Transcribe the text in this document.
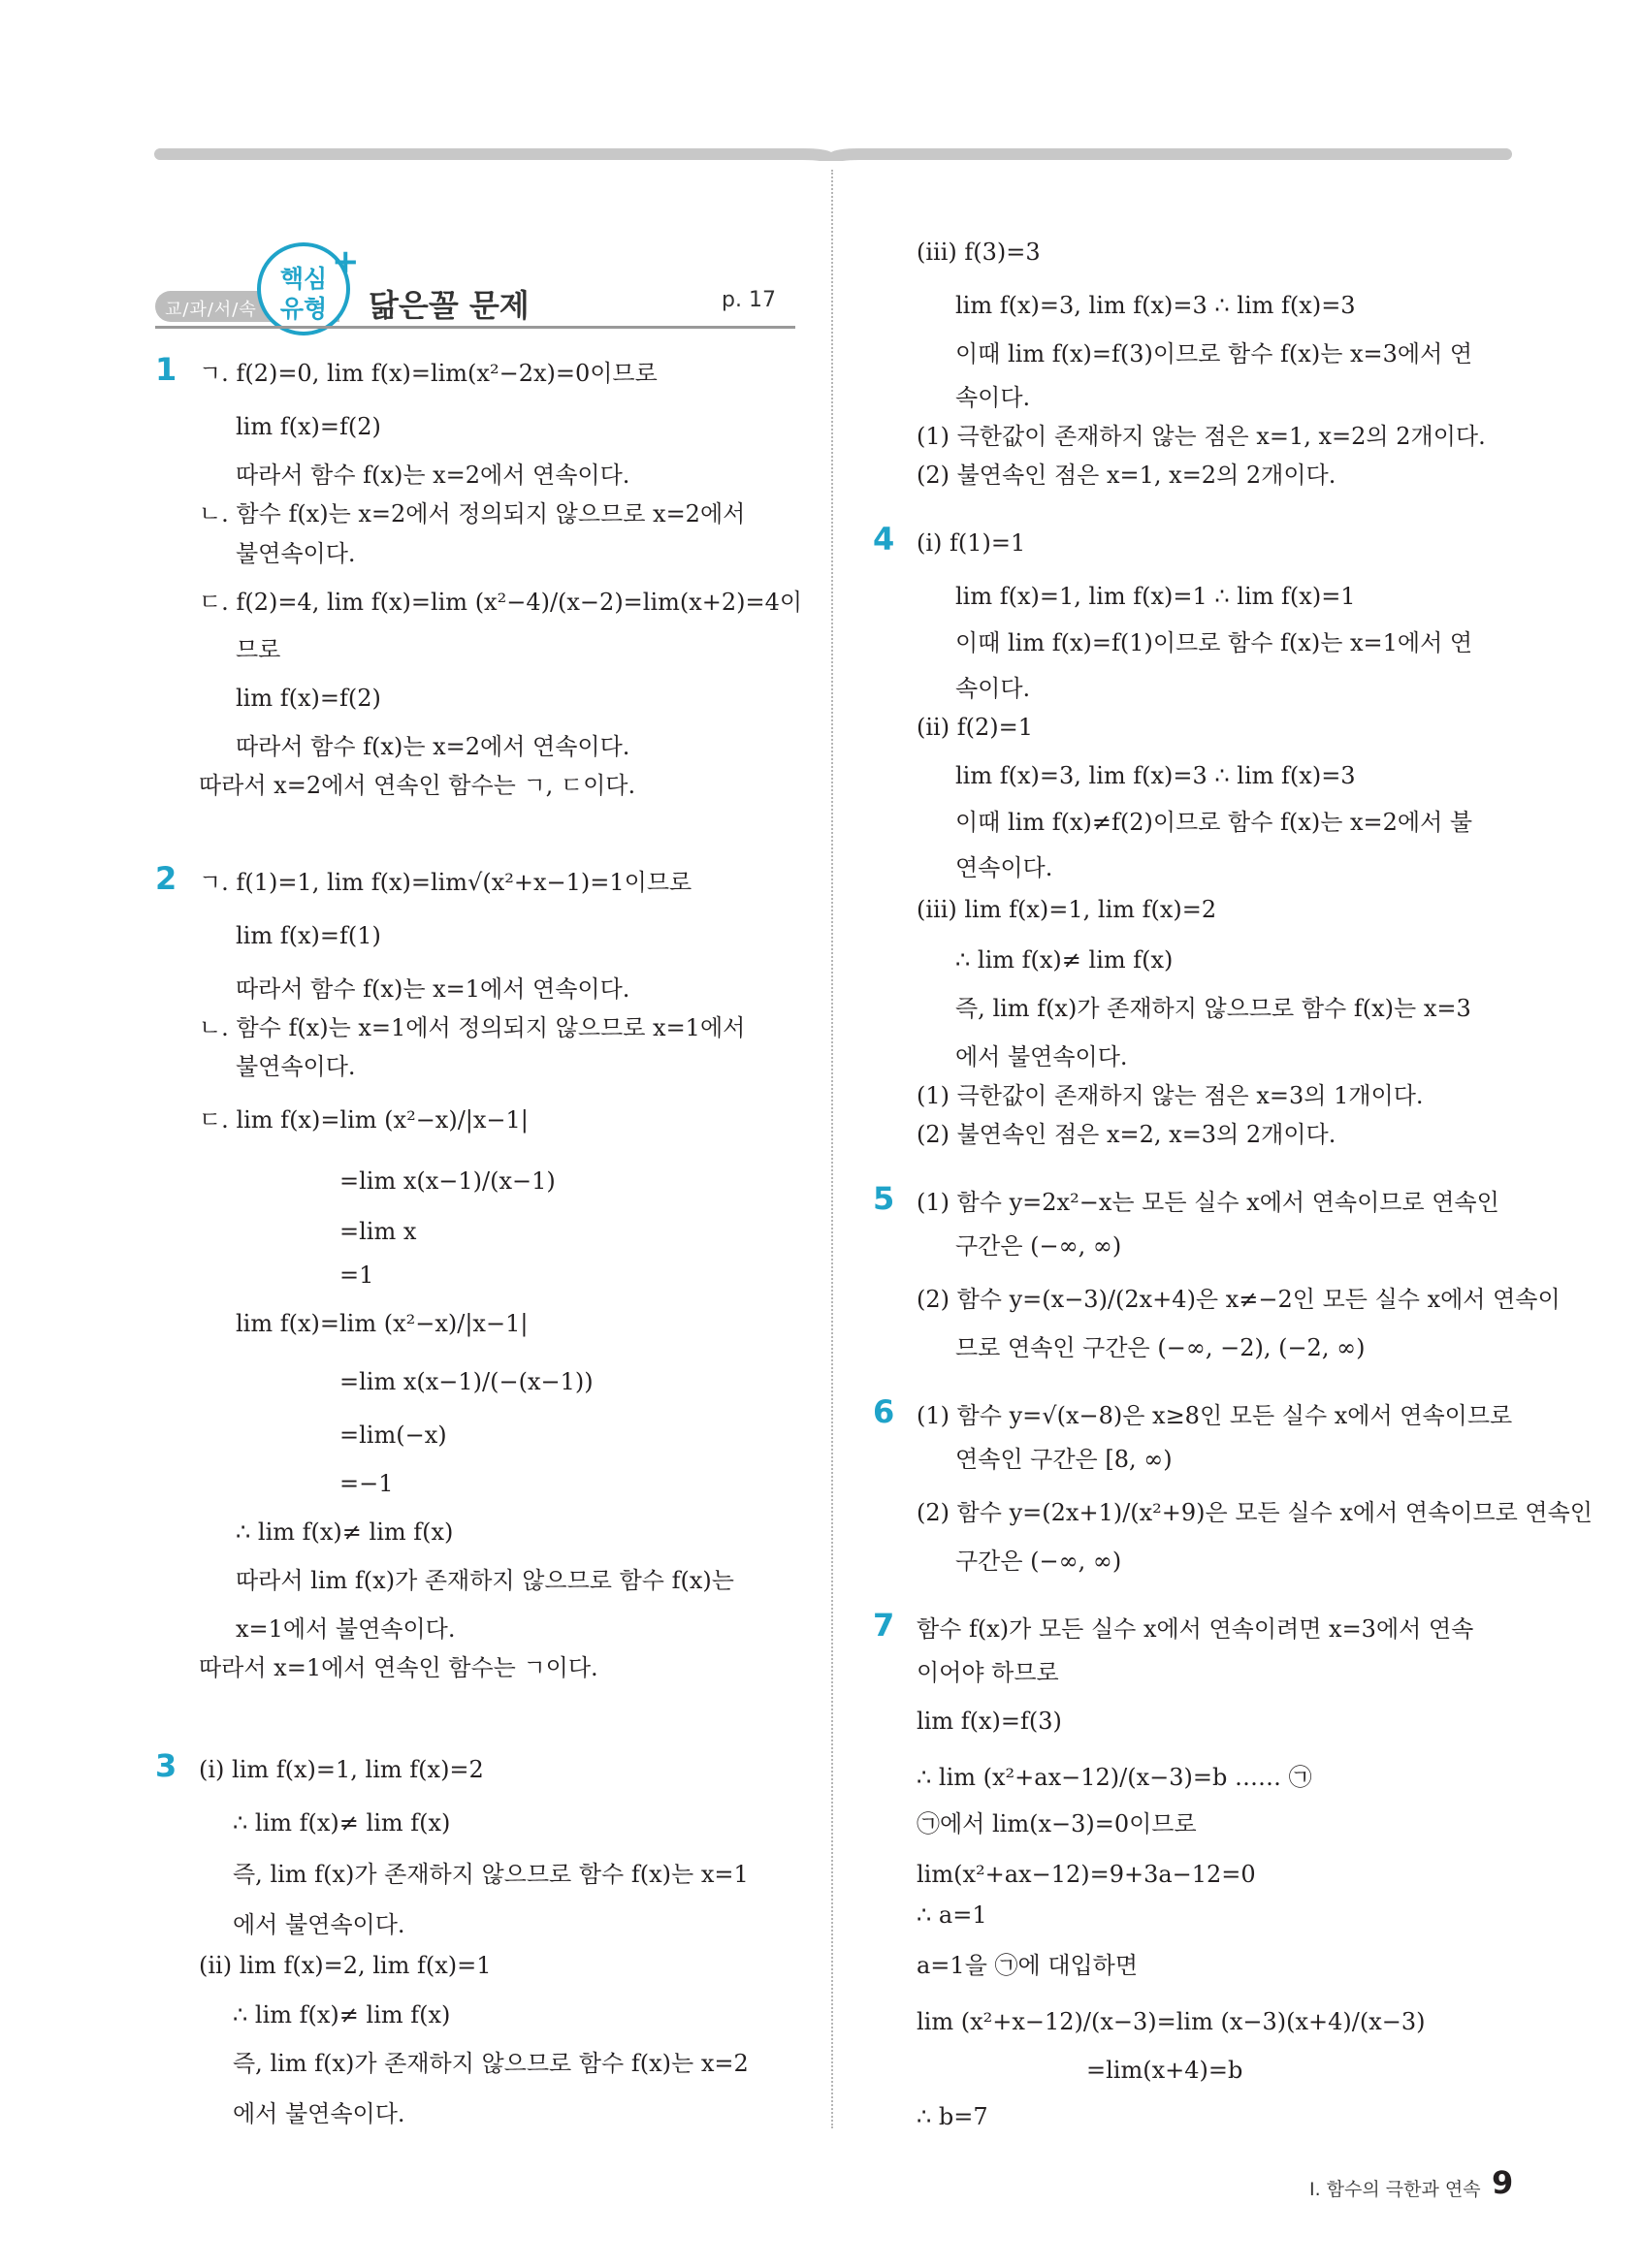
교/과/서/속
핵심
유형
+
닮은꼴 문제	p. 17
1 ㄱ. f(2)=0, lim f(x)=lim(x²−2x)=0이므로
lim f(x)=f(2)
따라서 함수 f(x)는 x=2에서 연속이다.
ㄴ. 함수 f(x)는 x=2에서 정의되지 않으므로 x=2에서
불연속이다.
ㄷ. f(2)=4, lim f(x)=lim (x²−4)/(x−2)=lim(x+2)=4이
므로
lim f(x)=f(2)
따라서 함수 f(x)는 x=2에서 연속이다.
따라서 x=2에서 연속인 함수는 ㄱ, ㄷ이다.
2 ㄱ. f(1)=1, lim f(x)=lim√(x²+x−1)=1이므로
lim f(x)=f(1)
따라서 함수 f(x)는 x=1에서 연속이다.
ㄴ. 함수 f(x)는 x=1에서 정의되지 않으므로 x=1에서
불연속이다.
ㄷ. lim f(x)=lim (x²−x)/|x−1|
=lim x(x−1)/(x−1)
=lim x
=1
lim f(x)=lim (x²−x)/|x−1|
=lim x(x−1)/(−(x−1))
=lim(−x)
=−1
∴ lim f(x)≠ lim f(x)
따라서 lim f(x)가 존재하지 않으므로 함수 f(x)는
x=1에서 불연속이다.
따라서 x=1에서 연속인 함수는 ㄱ이다.
3 (i) lim f(x)=1, lim f(x)=2
∴ lim f(x)≠ lim f(x)
즉, lim f(x)가 존재하지 않으므로 함수 f(x)는 x=1
에서 불연속이다.
(ii) lim f(x)=2, lim f(x)=1
∴ lim f(x)≠ lim f(x)
즉, lim f(x)가 존재하지 않으므로 함수 f(x)는 x=2
에서 불연속이다.
(iii) f(3)=3
lim f(x)=3, lim f(x)=3 ∴ lim f(x)=3
이때 lim f(x)=f(3)이므로 함수 f(x)는 x=3에서 연
속이다.
(1) 극한값이 존재하지 않는 점은 x=1, x=2의 2개이다.
(2) 불연속인 점은 x=1, x=2의 2개이다.
4 (i) f(1)=1
lim f(x)=1, lim f(x)=1 ∴ lim f(x)=1
이때 lim f(x)=f(1)이므로 함수 f(x)는 x=1에서 연
속이다.
(ii) f(2)=1
lim f(x)=3, lim f(x)=3 ∴ lim f(x)=3
이때 lim f(x)≠f(2)이므로 함수 f(x)는 x=2에서 불
연속이다.
(iii) lim f(x)=1, lim f(x)=2
∴ lim f(x)≠ lim f(x)
즉, lim f(x)가 존재하지 않으므로 함수 f(x)는 x=3
에서 불연속이다.
(1) 극한값이 존재하지 않는 점은 x=3의 1개이다.
(2) 불연속인 점은 x=2, x=3의 2개이다.
5 (1) 함수 y=2x²−x는 모든 실수 x에서 연속이므로 연속인
구간은 (−∞, ∞)
(2) 함수 y=(x−3)/(2x+4)은 x≠−2인 모든 실수 x에서 연속이
므로 연속인 구간은 (−∞, −2), (−2, ∞)
6 (1) 함수 y=√(x−8)은 x≥8인 모든 실수 x에서 연속이므로
연속인 구간은 [8, ∞)
(2) 함수 y=(2x+1)/(x²+9)은 모든 실수 x에서 연속이므로 연속인
구간은 (−∞, ∞)
7 함수 f(x)가 모든 실수 x에서 연속이려면 x=3에서 연속
이어야 하므로
lim f(x)=f(3)
∴ lim (x²+ax−12)/(x−3)=b …… ㉠
㉠에서 lim(x−3)=0이므로
lim(x²+ax−12)=9+3a−12=0
∴ a=1
a=1을 ㉠에 대입하면
lim (x²+x−12)/(x−3)=lim (x−3)(x+4)/(x−3)
=lim(x+4)=b
∴ b=7
Ⅰ. 함수의 극한과 연속 9
